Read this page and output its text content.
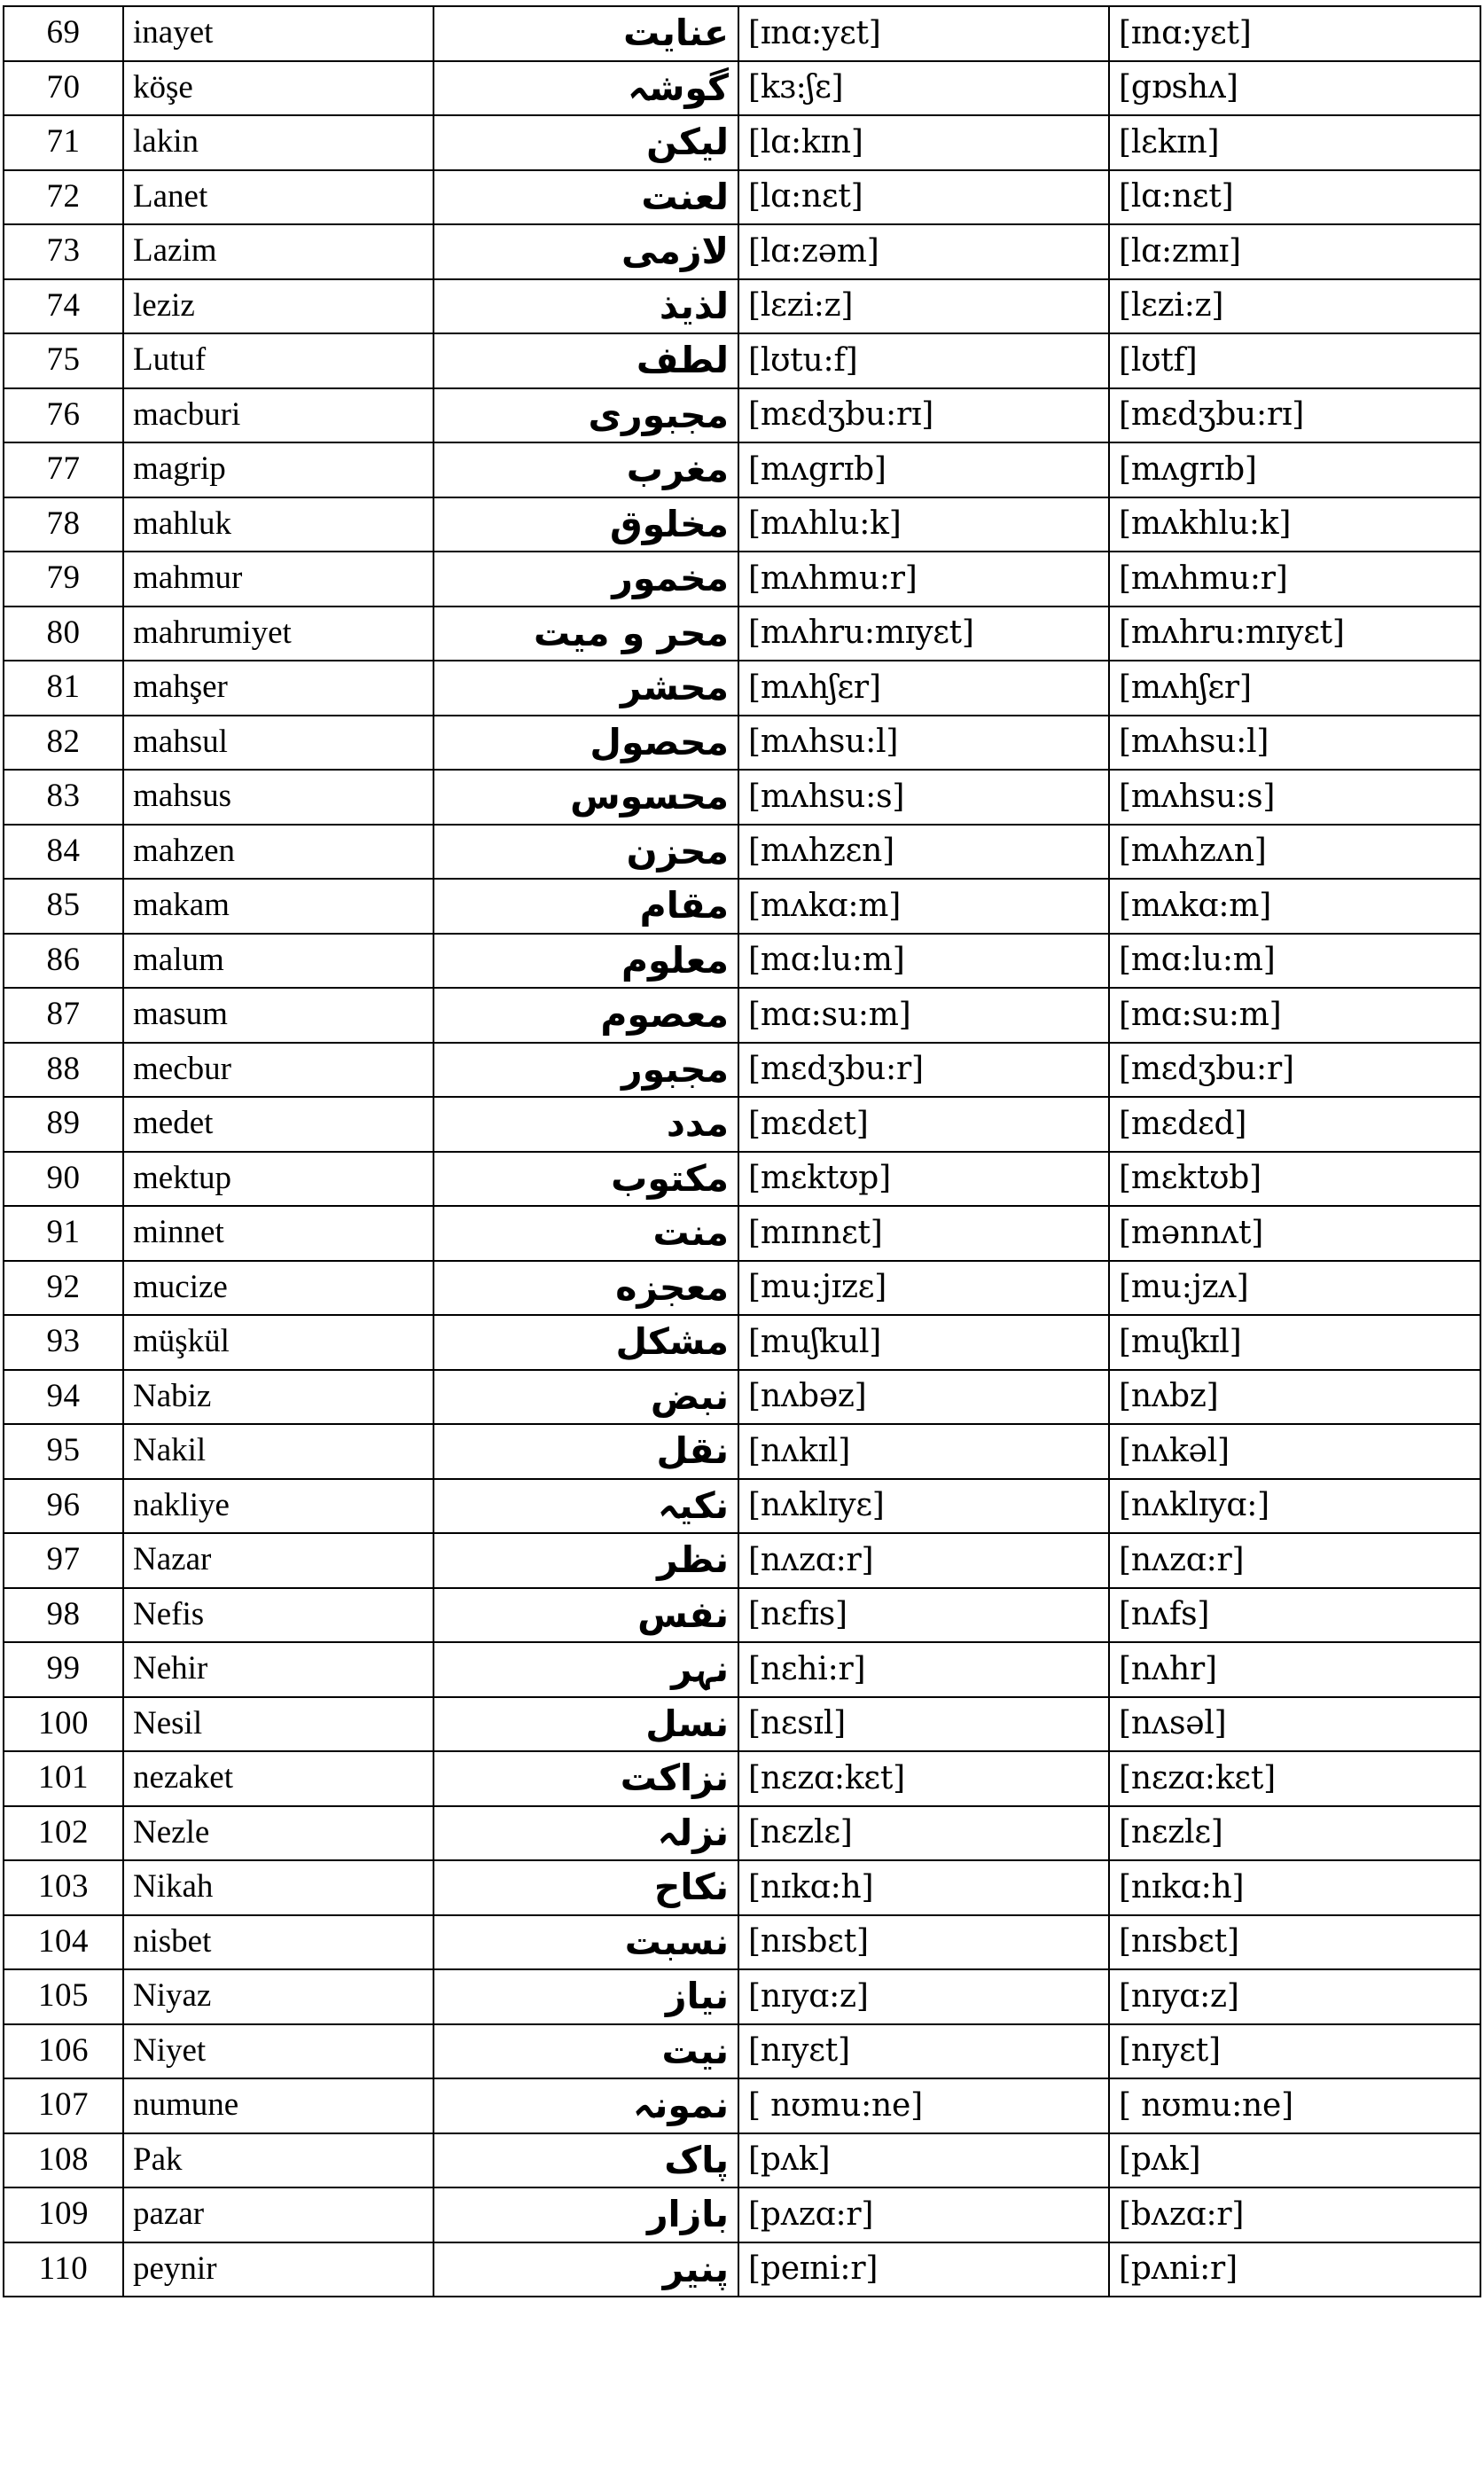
69	inayet	عنايت	[ɪnɑ:yɛt]	[ɪnɑ:yɛt]
70	köşe	گوشہ	[kɜ:ʃɛ]	[gɒshʌ]
71	lakin	ليكن	[lɑ:kɪn]	[lɛkɪn]
72	Lanet	لعنت	[lɑ:nɛt]	[lɑ:nɛt]
73	Lazim	لازمی	[lɑ:zəm]	[lɑ:zmɪ]
74	leziz	لذيذ	[lɛzi:z]	[lɛzi:z]
75	Lutuf	لطف	[lʊtu:f]	[lʊtf]
76	macburi	مجبورى	[mɛdʒbu:rɪ]	[mɛdʒbu:rɪ]
77	magrip	مغرب	[mʌgrɪb]	[mʌgrɪb]
78	mahluk	مخلوق	[mʌhlu:k]	[mʌkhlu:k]
79	mahmur	مخمور	[mʌhmu:r]	[mʌhmu:r]
80	mahrumiyet	محر و ميت	[mʌhru:mɪyɛt]	[mʌhru:mɪyɛt]
81	mahşer	محشر	[mʌhʃɛr]	[mʌhʃɛr]
82	mahsul	محصول	[mʌhsu:l]	[mʌhsu:l]
83	mahsus	محسوس	[mʌhsu:s]	[mʌhsu:s]
84	mahzen	محزن	[mʌhzɛn]	[mʌhzʌn]
85	makam	مقام	[mʌkɑ:m]	[mʌkɑ:m]
86	malum	معلوم	[mɑ:lu:m]	[mɑ:lu:m]
87	masum	معصوم	[mɑ:su:m]	[mɑ:su:m]
88	mecbur	مجبور	[mɛdʒbu:r]	[mɛdʒbu:r]
89	medet	مدد	[mɛdɛt]	[mɛdɛd]
90	mektup	مكتوب	[mɛktʊp]	[mɛktʊb]
91	minnet	منت	[mɪnnɛt]	[mənnʌt]
92	mucize	معجزه	[mu:jɪzɛ]	[mu:jzʌ]
93	müşkül	مشكل	[muʃkul]	[muʃkɪl]
94	Nabiz	نبض	[nʌbəz]	[nʌbz]
95	Nakil	نقل	[nʌkɪl]	[nʌkəl]
96	nakliye	نكيہ	[nʌklɪyɛ]	[nʌklɪyɑ:]
97	Nazar	نظر	[nʌzɑ:r]	[nʌzɑ:r]
98	Nefis	نفس	[nɛfɪs]	[nʌfs]
99	Nehir	نہر	[nɛhi:r]	[nʌhr]
100	Nesil	نسل	[nɛsɪl]	[nʌsəl]
101	nezaket	نزاكت	[nɛzɑ:kɛt]	[nɛzɑ:kɛt]
102	Nezle	نزلہ	[nɛzlɛ]	[nɛzlɛ]
103	Nikah	نكاح	[nɪkɑ:h]	[nɪkɑ:h]
104	nisbet	نسبت	[nɪsbɛt]	[nɪsbɛt]
105	Niyaz	نياز	[nɪyɑ:z]	[nɪyɑ:z]
106	Niyet	نيت	[nɪyɛt]	[nɪyɛt]
107	numune	نمونہ	[ nʊmu:ne]	[ nʊmu:ne]
108	Pak	پاک	[pʌk]	[pʌk]
109	pazar	بازار	[pʌzɑ:r]	[bʌzɑ:r]
110	peynir	پنير	[peɪni:r]	[pʌni:r]
